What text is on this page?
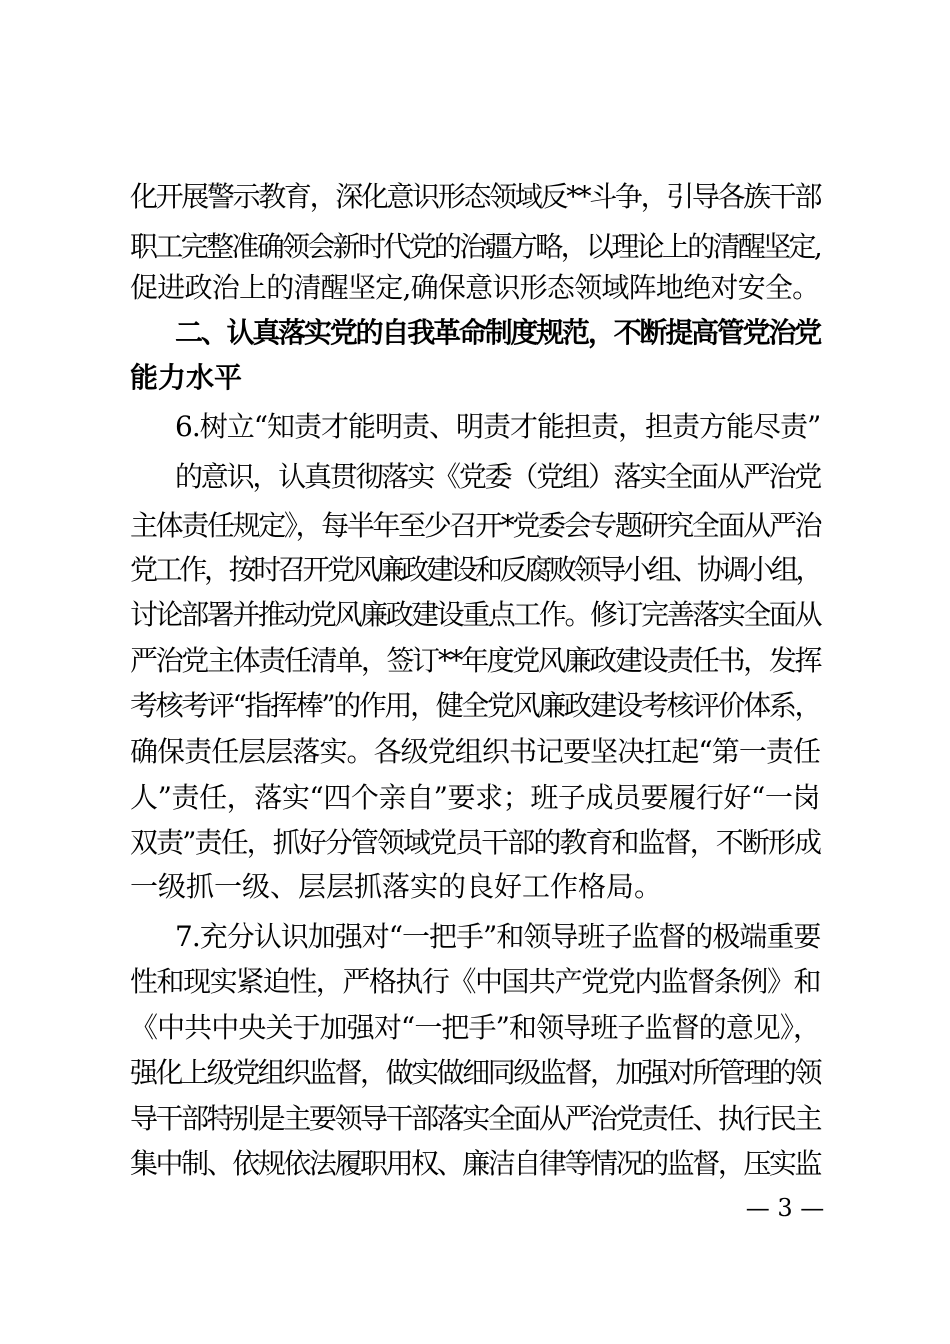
化开展警示教育，深化意识形态领域反**斗争，引导各族干部
职工完整准确领会新时代党的治疆方略，以理论上的清醒坚定,
促进政治上的清醒坚定,确保意识形态领域阵地绝对安全。
二、认真落实党的自我革命制度规范，不断提高管党治党
能力水平
6.树立“知责才能明责、明责才能担责，担责方能尽责”
的意识，认真贯彻落实《党委（党组）落实全面从严治党
主体责任规定》，每半年至少召开*党委会专题研究全面从严治
党工作，按时召开党风廉政建设和反腐败领导小组、协调小组，
讨论部署并推动党风廉政建设重点工作。修订完善落实全面从
严治党主体责任清单，签订**年度党风廉政建设责任书，发挥
考核考评“指挥棒”的作用，健全党风廉政建设考核评价体系，
确保责任层层落实。各级党组织书记要坚决扛起“第一责任
人”责任，落实“四个亲自”要求；班子成员要履行好“一岗
双责”责任，抓好分管领域党员干部的教育和监督，不断形成
一级抓一级、层层抓落实的良好工作格局。
7.充分认识加强对“一把手”和领导班子监督的极端重要
性和现实紧迫性，严格执行《中国共产党党内监督条例》和
《中共中央关于加强对“一把手”和领导班子监督的意见》，
强化上级党组织监督，做实做细同级监督，加强对所管理的领
导干部特别是主要领导干部落实全面从严治党责任、执行民主
集中制、依规依法履职用权、廉洁自律等情况的监督，压实监
— 3 —
